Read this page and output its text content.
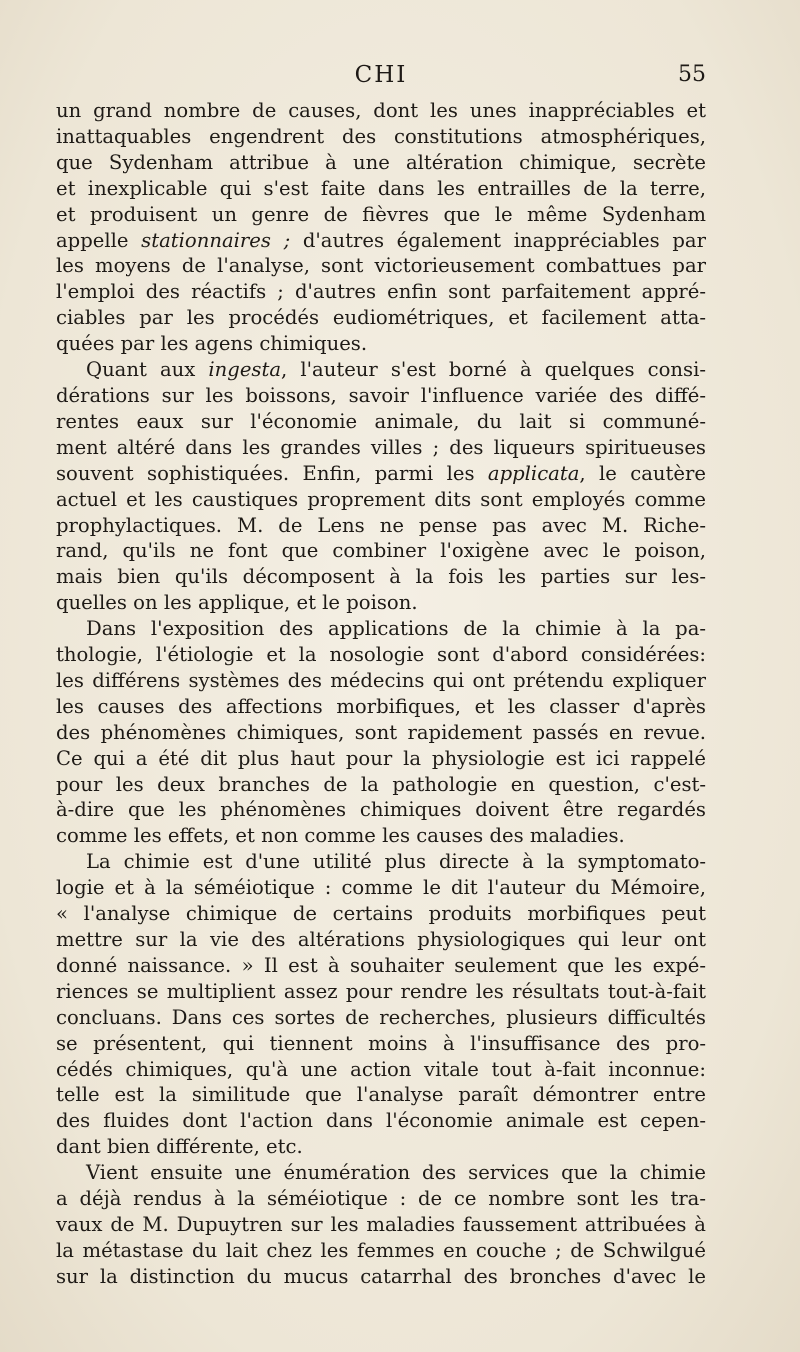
CHI	55
un grand nombre de causes, dont les unes inappréciables et
inattaquables engendrent des constitutions atmosphériques,
que Sydenham attribue à une altération chimique, secrète
et inexplicable qui s'est faite dans les entrailles de la terre,
et produisent un genre de fièvres que le même Sydenham
appelle stationnaires ; d'autres également inappréciables par
les moyens de l'analyse, sont victorieusement combattues par
l'emploi des réactifs ; d'autres enfin sont parfaitement appré-
ciables par les procédés eudiométriques, et facilement atta-
quées par les agens chimiques.
Quant aux ingesta, l'auteur s'est borné à quelques consi-
dérations sur les boissons, savoir l'influence variée des diffé-
rentes eaux sur l'économie animale, du lait si communé-
ment altéré dans les grandes villes ; des liqueurs spiritueuses
souvent sophistiquées. Enfin, parmi les applicata, le cautère
actuel et les caustiques proprement dits sont employés comme
prophylactiques. M. de Lens ne pense pas avec M. Riche-
rand, qu'ils ne font que combiner l'oxigène avec le poison,
mais bien qu'ils décomposent à la fois les parties sur les-
quelles on les applique, et le poison.
Dans l'exposition des applications de la chimie à la pa-
thologie, l'étiologie et la nosologie sont d'abord considérées:
les différens systèmes des médecins qui ont prétendu expliquer
les causes des affections morbifiques, et les classer d'après
des phénomènes chimiques, sont rapidement passés en revue.
Ce qui a été dit plus haut pour la physiologie est ici rappelé
pour les deux branches de la pathologie en question, c'est-
à-dire que les phénomènes chimiques doivent être regardés
comme les effets, et non comme les causes des maladies.
La chimie est d'une utilité plus directe à la symptomato-
logie et à la séméiotique : comme le dit l'auteur du Mémoire,
« l'analyse chimique de certains produits morbifiques peut
mettre sur la vie des altérations physiologiques qui leur ont
donné naissance. » Il est à souhaiter seulement que les expé-
riences se multiplient assez pour rendre les résultats tout-à-fait
concluans. Dans ces sortes de recherches, plusieurs difficultés
se présentent, qui tiennent moins à l'insuffisance des pro-
cédés chimiques, qu'à une action vitale tout à-fait inconnue:
telle est la similitude que l'analyse paraît démontrer entre
des fluides dont l'action dans l'économie animale est cepen-
dant bien différente, etc.
Vient ensuite une énumération des services que la chimie
a déjà rendus à la séméiotique : de ce nombre sont les tra-
vaux de M. Dupuytren sur les maladies faussement attribuées à
la métastase du lait chez les femmes en couche ; de Schwilgué
sur la distinction du mucus catarrhal des bronches d'avec le
